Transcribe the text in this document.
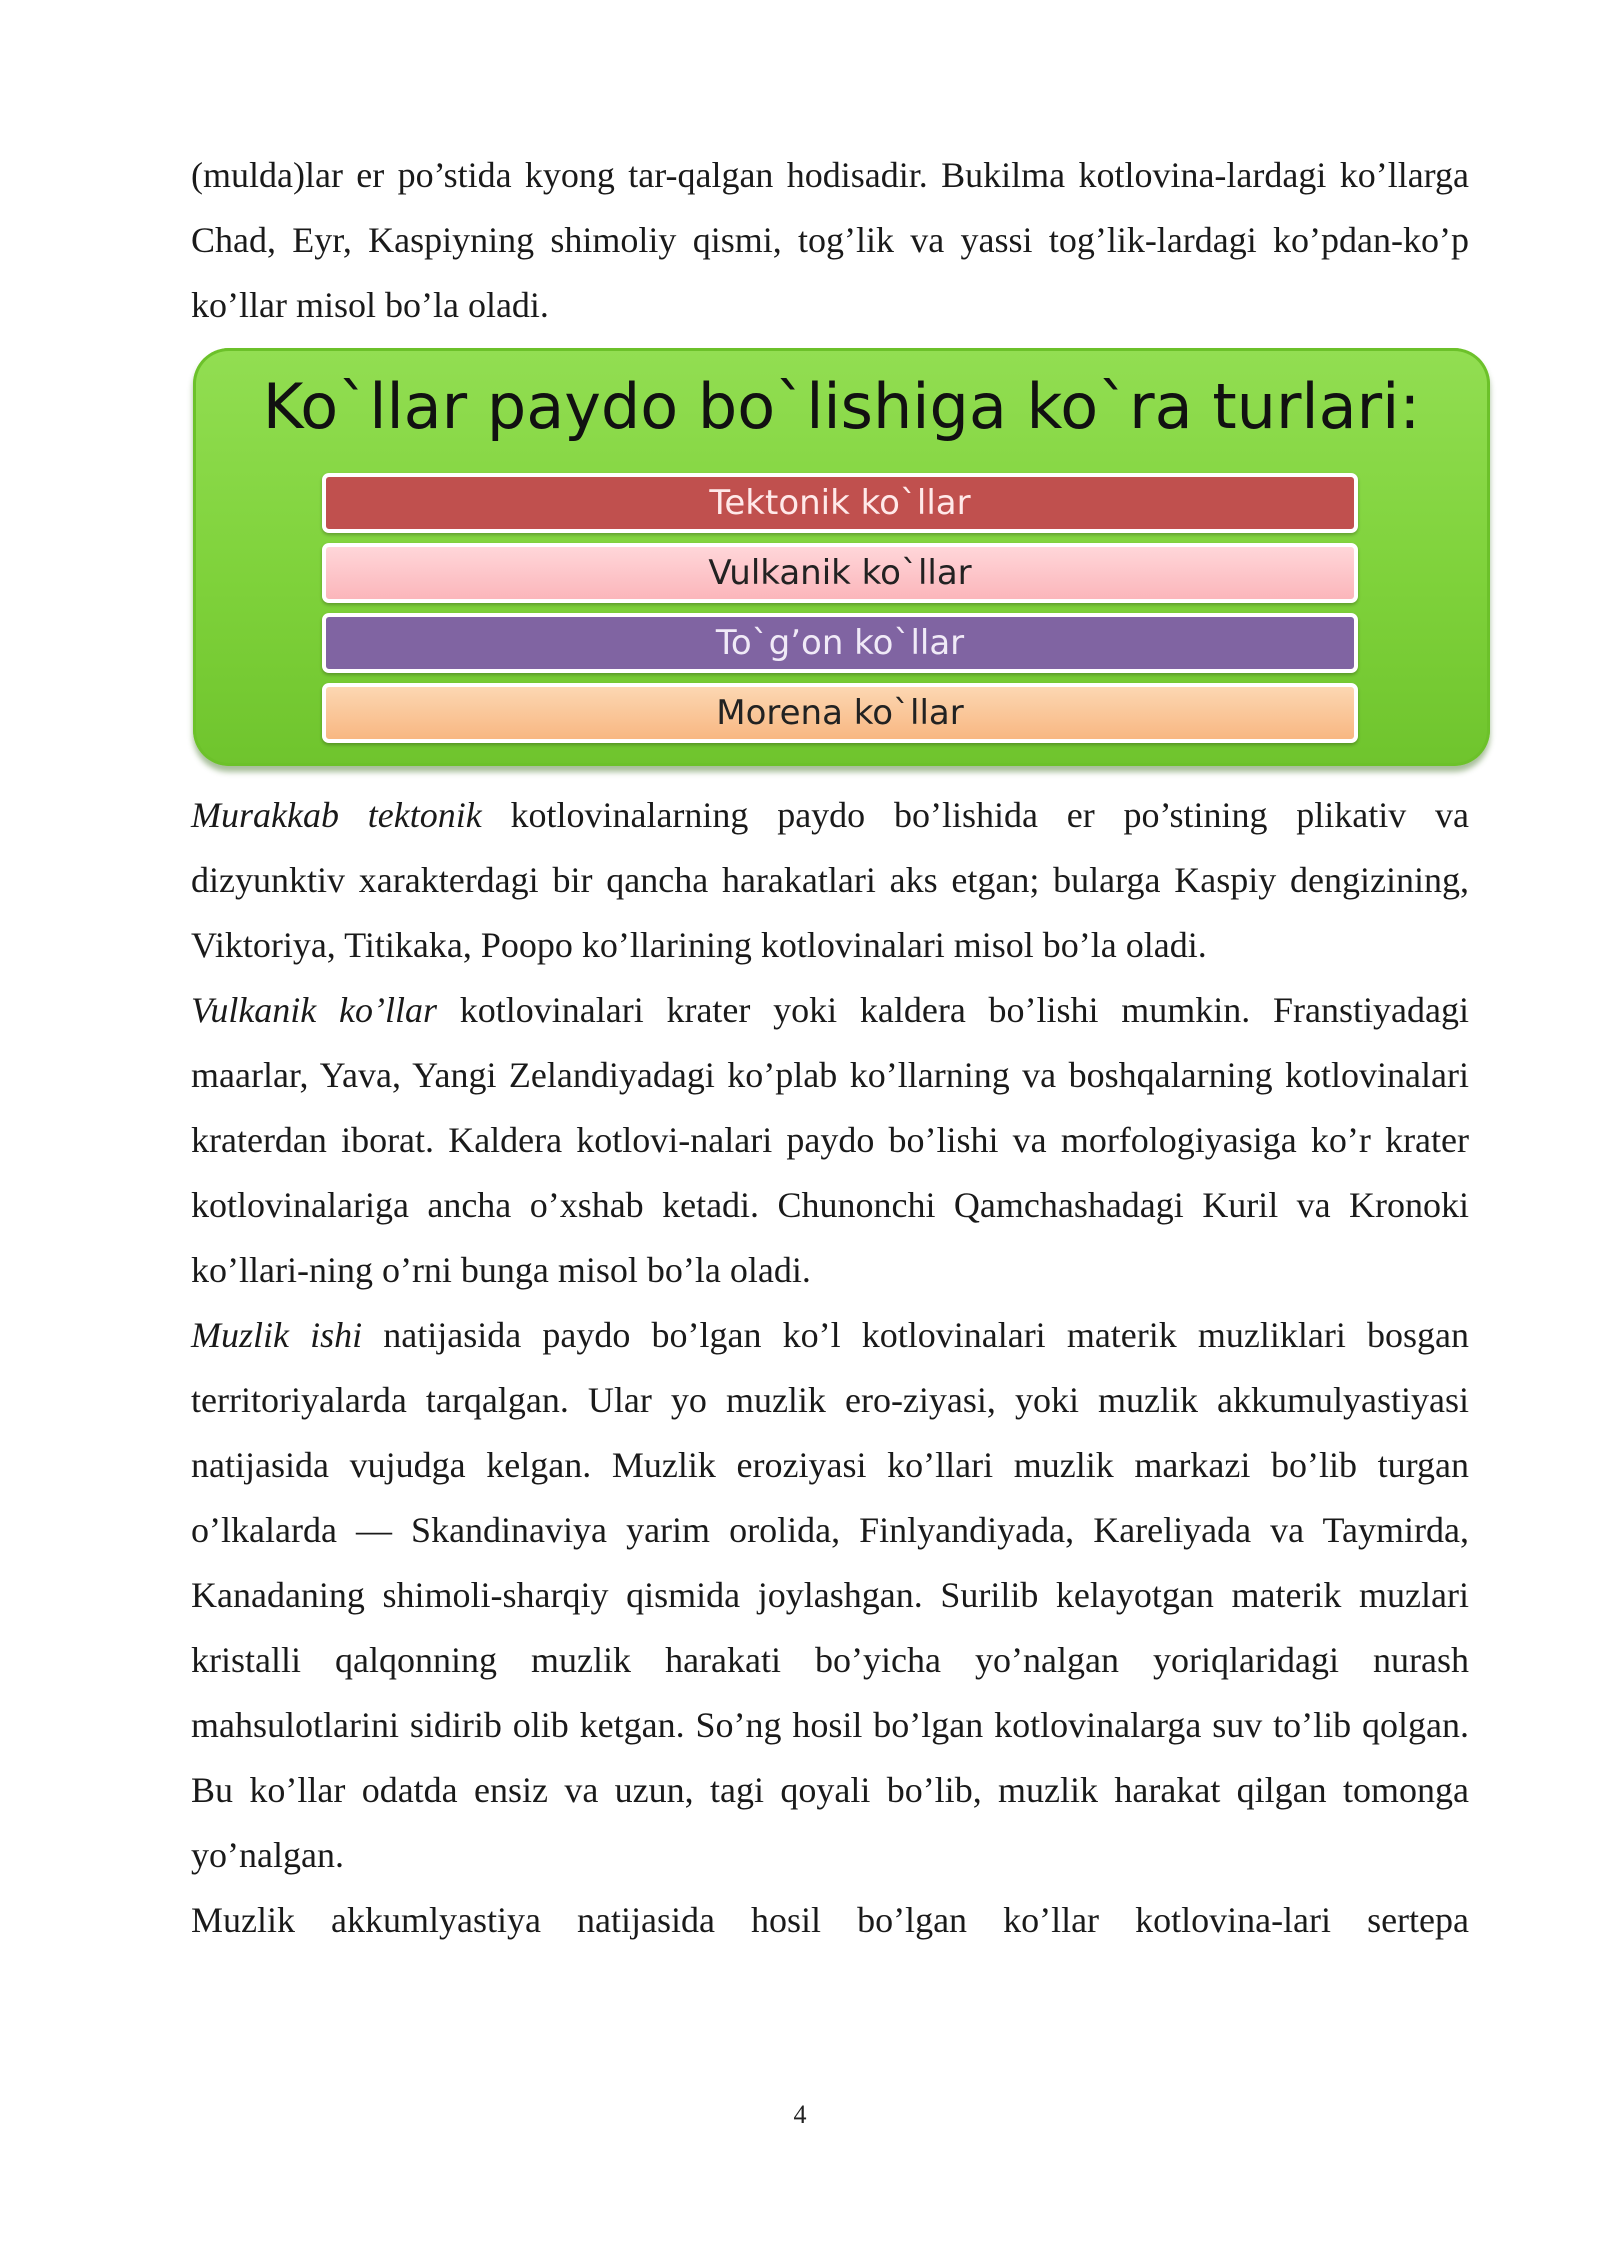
(mulda)lar er po’stida kyong tar-qalgan hodisadir. Bukilma kotlovina-lardagi ko’llarga Chad, Eyr, Kaspiyning shimoliy qismi, tog’lik va yassi tog’lik-lardagi ko’pdan-ko’p ko’llar misol bo’la oladi.

Ko`llar paydo bo`lishiga ko`ra turlari:
Tektonik ko`llar
Vulkanik ko`llar
To`g’on ko`llar
Morena ko`llar

Murakkab tektonik kotlovinalarning paydo bo’lishida er po’stining plikativ va dizyunktiv xarakterdagi bir qancha harakatlari aks etgan; bularga Kaspiy dengizining, Viktoriya, Titikaka, Poopo ko’llarining kotlovinalari misol bo’la oladi.

Vulkanik ko’llar kotlovinalari krater yoki kaldera bo’lishi mumkin. Franstiyadagi maarlar, Yava, Yangi Zelandiyadagi ko’plab ko’llarning va boshqalarning kotlovinalari kraterdan iborat. Kaldera kotlovi-nalari paydo bo’lishi va morfologiyasiga ko’r krater kotlovinalariga ancha o’xshab ketadi. Chunonchi Qamchashadagi Kuril va Kronoki ko’llari-ning o’rni bunga misol bo’la oladi.

Muzlik ishi natijasida paydo bo’lgan ko’l kotlovinalari materik muzliklari bosgan territoriyalarda tarqalgan. Ular yo muzlik ero-ziyasi, yoki muzlik akkumulyastiyasi natijasida vujudga kelgan. Muzlik eroziyasi ko’llari muzlik markazi bo’lib turgan o’lkalarda — Skandinaviya yarim orolida, Finlyandiyada, Kareliyada va Taymirda, Kanadaning shimoli-sharqiy qismida joylashgan. Surilib kelayotgan materik muzlari kristalli qalqonning muzlik harakati bo’yicha yo’nalgan yoriqlaridagi nurash mahsulotlarini sidirib olib ketgan. So’ng hosil bo’lgan kotlovinalarga suv to’lib qolgan. Bu ko’llar odatda ensiz va uzun, tagi qoyali bo’lib, muzlik harakat qilgan tomonga yo’nalgan.

Muzlik akkumlyastiya natijasida hosil bo’lgan ko’llar kotlovina-lari sertepa

4
